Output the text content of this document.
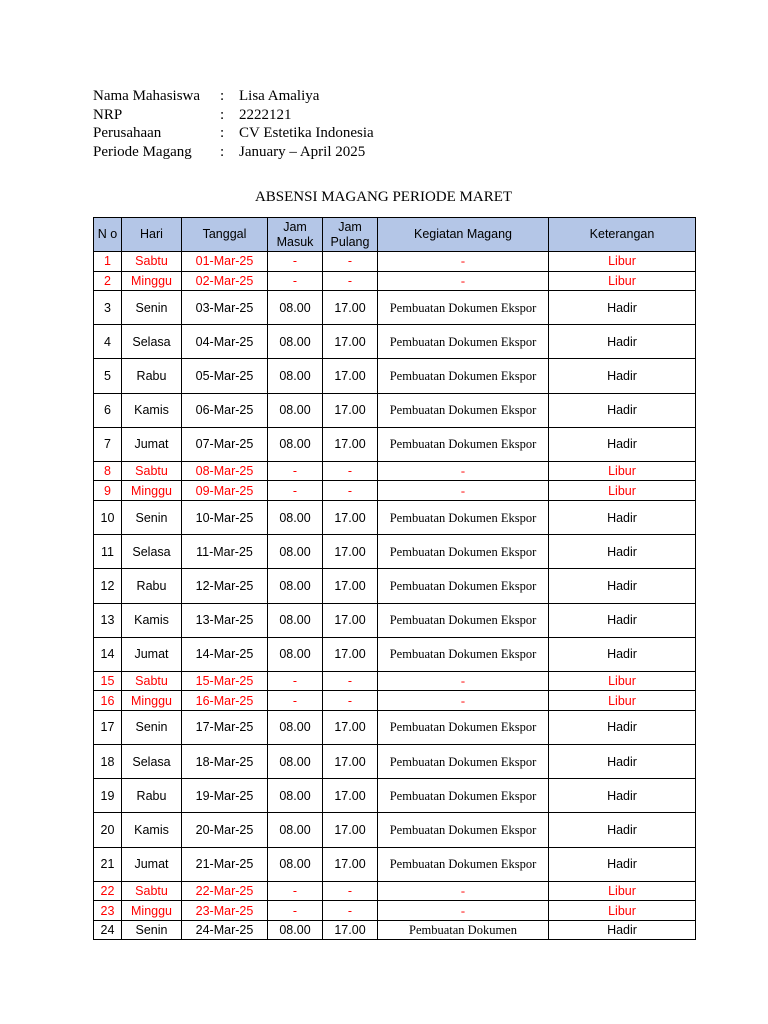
Nama Mahasiswa	: Lisa Amaliya
NRP	: 2222121
Perusahaan	: CV Estetika Indonesia
Periode Magang	: January – April 2025
ABSENSI MAGANG PERIODE MARET
N o	Hari	Tanggal	Jam Masuk	Jam Pulang	Kegiatan Magang	Keterangan
1	Sabtu	01-Mar-25	-	-	-	Libur
2	Minggu	02-Mar-25	-	-	-	Libur
3	Senin	03-Mar-25	08.00	17.00	Pembuatan Dokumen Ekspor	Hadir
4	Selasa	04-Mar-25	08.00	17.00	Pembuatan Dokumen Ekspor	Hadir
5	Rabu	05-Mar-25	08.00	17.00	Pembuatan Dokumen Ekspor	Hadir
6	Kamis	06-Mar-25	08.00	17.00	Pembuatan Dokumen Ekspor	Hadir
7	Jumat	07-Mar-25	08.00	17.00	Pembuatan Dokumen Ekspor	Hadir
8	Sabtu	08-Mar-25	-	-	-	Libur
9	Minggu	09-Mar-25	-	-	-	Libur
10	Senin	10-Mar-25	08.00	17.00	Pembuatan Dokumen Ekspor	Hadir
11	Selasa	11-Mar-25	08.00	17.00	Pembuatan Dokumen Ekspor	Hadir
12	Rabu	12-Mar-25	08.00	17.00	Pembuatan Dokumen Ekspor	Hadir
13	Kamis	13-Mar-25	08.00	17.00	Pembuatan Dokumen Ekspor	Hadir
14	Jumat	14-Mar-25	08.00	17.00	Pembuatan Dokumen Ekspor	Hadir
15	Sabtu	15-Mar-25	-	-	-	Libur
16	Minggu	16-Mar-25	-	-	-	Libur
17	Senin	17-Mar-25	08.00	17.00	Pembuatan Dokumen Ekspor	Hadir
18	Selasa	18-Mar-25	08.00	17.00	Pembuatan Dokumen Ekspor	Hadir
19	Rabu	19-Mar-25	08.00	17.00	Pembuatan Dokumen Ekspor	Hadir
20	Kamis	20-Mar-25	08.00	17.00	Pembuatan Dokumen Ekspor	Hadir
21	Jumat	21-Mar-25	08.00	17.00	Pembuatan Dokumen Ekspor	Hadir
22	Sabtu	22-Mar-25	-	-	-	Libur
23	Minggu	23-Mar-25	-	-	-	Libur
24	Senin	24-Mar-25	08.00	17.00	Pembuatan Dokumen	Hadir
